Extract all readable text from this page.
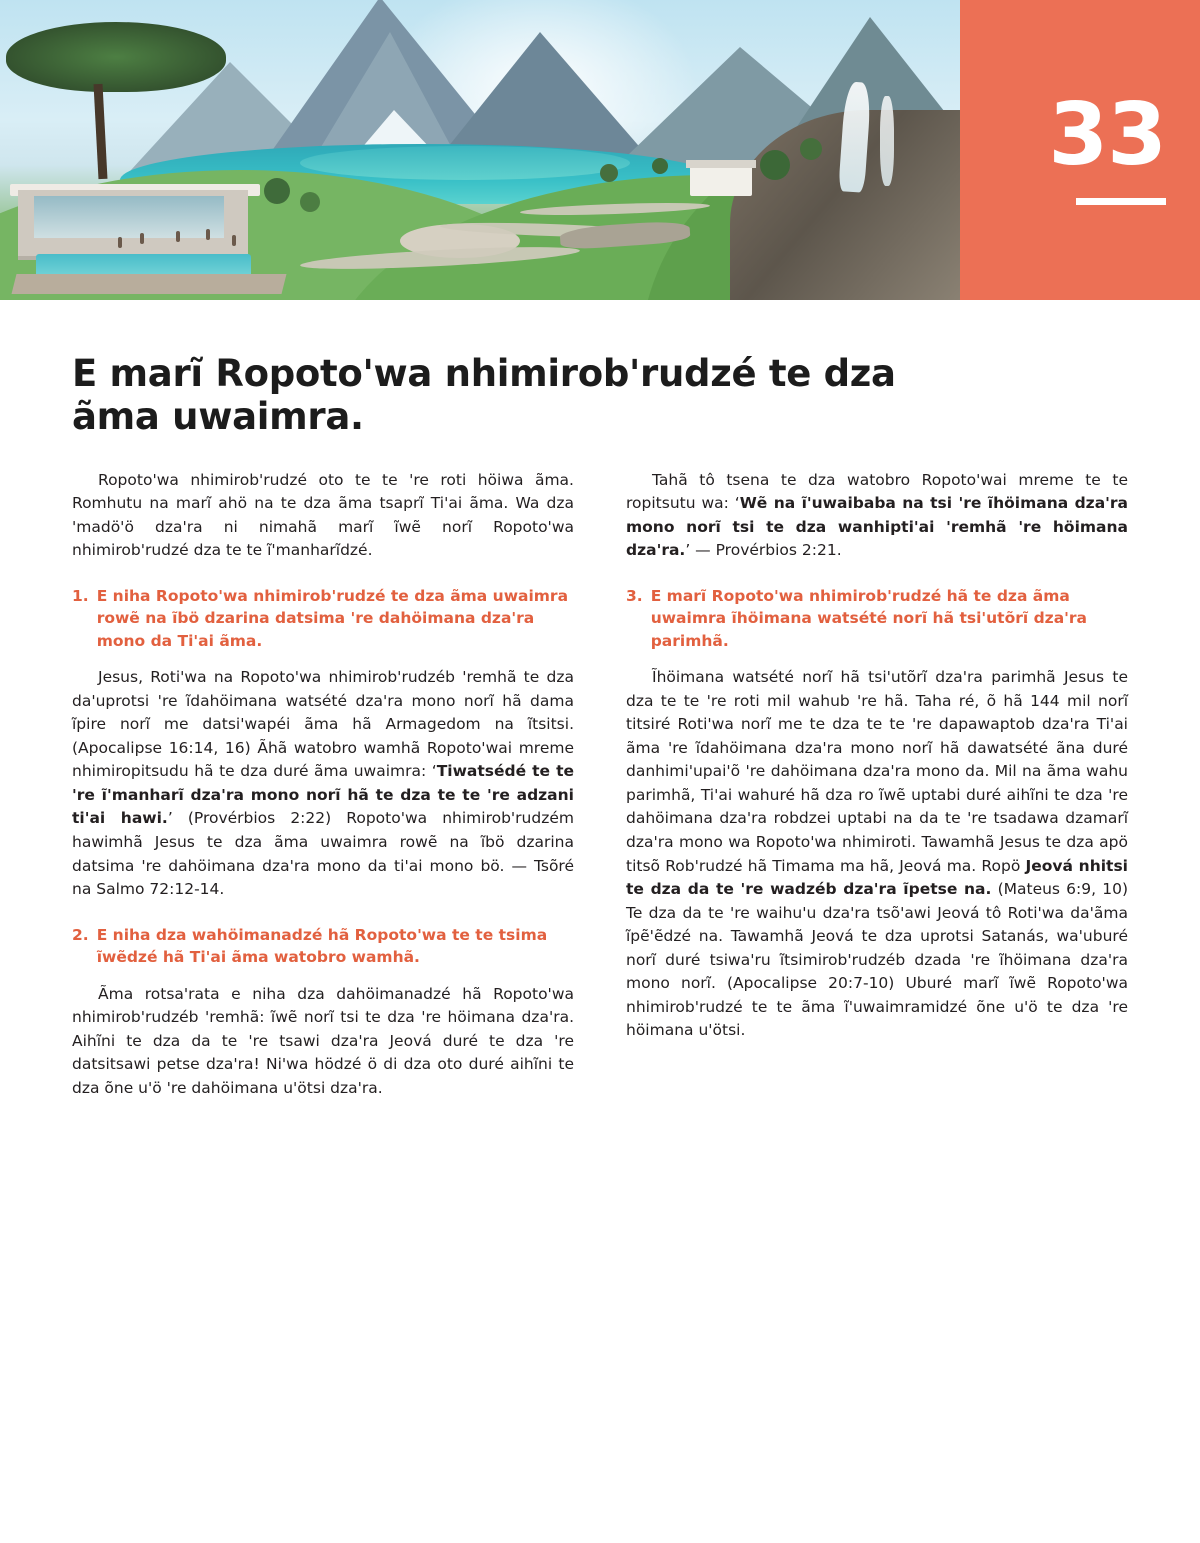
33
E marĩ Ropoto'wa nhimirob'rudzé te dza ãma uwaimra.

Ropoto'wa nhimirob'rudzé oto te te 're roti höiwa ãma. Romhutu na marĩ ahö na te dza ãma tsaprĩ Ti'ai ãma. Wa dza 'madö'ö dza'ra ni nimahã marĩ ĩwẽ norĩ Ropoto'wa nhimirob'rudzé dza te te ĩ'manharĩdzé.

1. E niha Ropoto'wa nhimirob'rudzé te dza ãma uwaimra rowẽ na ĩbö dzarina datsima 're dahöimana dza'ra mono da Ti'ai ãma.

Jesus, Roti'wa na Ropoto'wa nhimirob'rudzéb 'remhã te dza da'uprotsi 're ĩdahöimana watsété dza'ra mono norĩ hã dama ĩpire norĩ me datsi'wapéi ãma hã Armagedom na ĩtsitsi. (Apocalipse 16:14, 16) Ãhã watobro wamhã Ropoto'wai mreme nhimiropitsudu hã te dza duré ãma uwaimra: ‘Tiwatsédé te te 're ĩ'manharĩ dza'ra mono norĩ hã te dza te te 're adzani ti'ai hawi.’ (Provérbios 2:22) Ropoto'wa nhimirob'rudzém hawimhã Jesus te dza ãma uwaimra rowẽ na ĩbö dzarina datsima 're dahöimana dza'ra mono da ti'ai mono bö. — Tsõré na Salmo 72:12-14.

2. E niha dza wahöimanadzé hã Ropoto'wa te te tsima ĩwẽdzé hã Ti'ai ãma watobro wamhã.

Ãma rotsa'rata e niha dza dahöimanadzé hã Ropoto'wa nhimirob'rudzéb 'remhã: ĩwẽ norĩ tsi te dza 're höimana dza'ra. Aihĩni te dza da te 're tsawi dza'ra Jeová duré te dza 're datsitsawi petse dza'ra! Ni'wa hödzé ö di dza oto duré aihĩni te dza õne u'ö 're dahöimana u'ötsi dza'ra.

Tahã tô tsena te dza watobro Ropoto'wai mreme te te ropitsutu wa: ‘Wẽ na ĩ'uwaibaba na tsi 're ĩhöimana dza'ra mono norĩ tsi te dza wanhipti'ai 'remhã 're höimana dza'ra.’ — Provérbios 2:21.

3. E marĩ Ropoto'wa nhimirob'rudzé hã te dza ãma uwaimra ĩhöimana watsété norĩ hã tsi'utõrĩ dza'ra parimhã.

Ĩhöimana watsété norĩ hã tsi'utõrĩ dza'ra parimhã Jesus te dza te te 're roti mil wahub 're hã. Taha ré, õ hã 144 mil norĩ titsiré Roti'wa norĩ me te dza te te 're dapawaptob dza'ra Ti'ai ãma 're ĩdahöimana dza'ra mono norĩ hã dawatsété ãna duré danhimi'upai'õ 're dahöimana dza'ra mono da. Mil na ãma wahu parimhã, Ti'ai wahuré hã dza ro ĩwẽ uptabi duré aihĩni te dza 're dahöimana dza'ra robdzei uptabi na da te 're tsadawa dzamarĩ dza'ra mono wa Ropoto'wa nhimiroti. Tawamhã Jesus te dza apö titsõ Rob'rudzé hã Timama ma hã, Jeová ma. Ropö Jeová nhitsi te dza da te 're wadzéb dza'ra ĩpetse na. (Mateus 6:9, 10) Te dza da te 're waihu'u dza'ra tsõ'awi Jeová tô Roti'wa da'ãma ĩpẽ'ẽdzé na. Tawamhã Jeová te dza uprotsi Satanás, wa'uburé norĩ duré tsiwa'ru ĩtsimirob'rudzéb dzada 're ĩhöimana dza'ra mono norĩ. (Apocalipse 20:7-10) Uburé marĩ ĩwẽ Ropoto'wa nhimirob'rudzé te te ãma ĩ'uwaimramidzé õne u'ö te dza 're höimana u'ötsi.
